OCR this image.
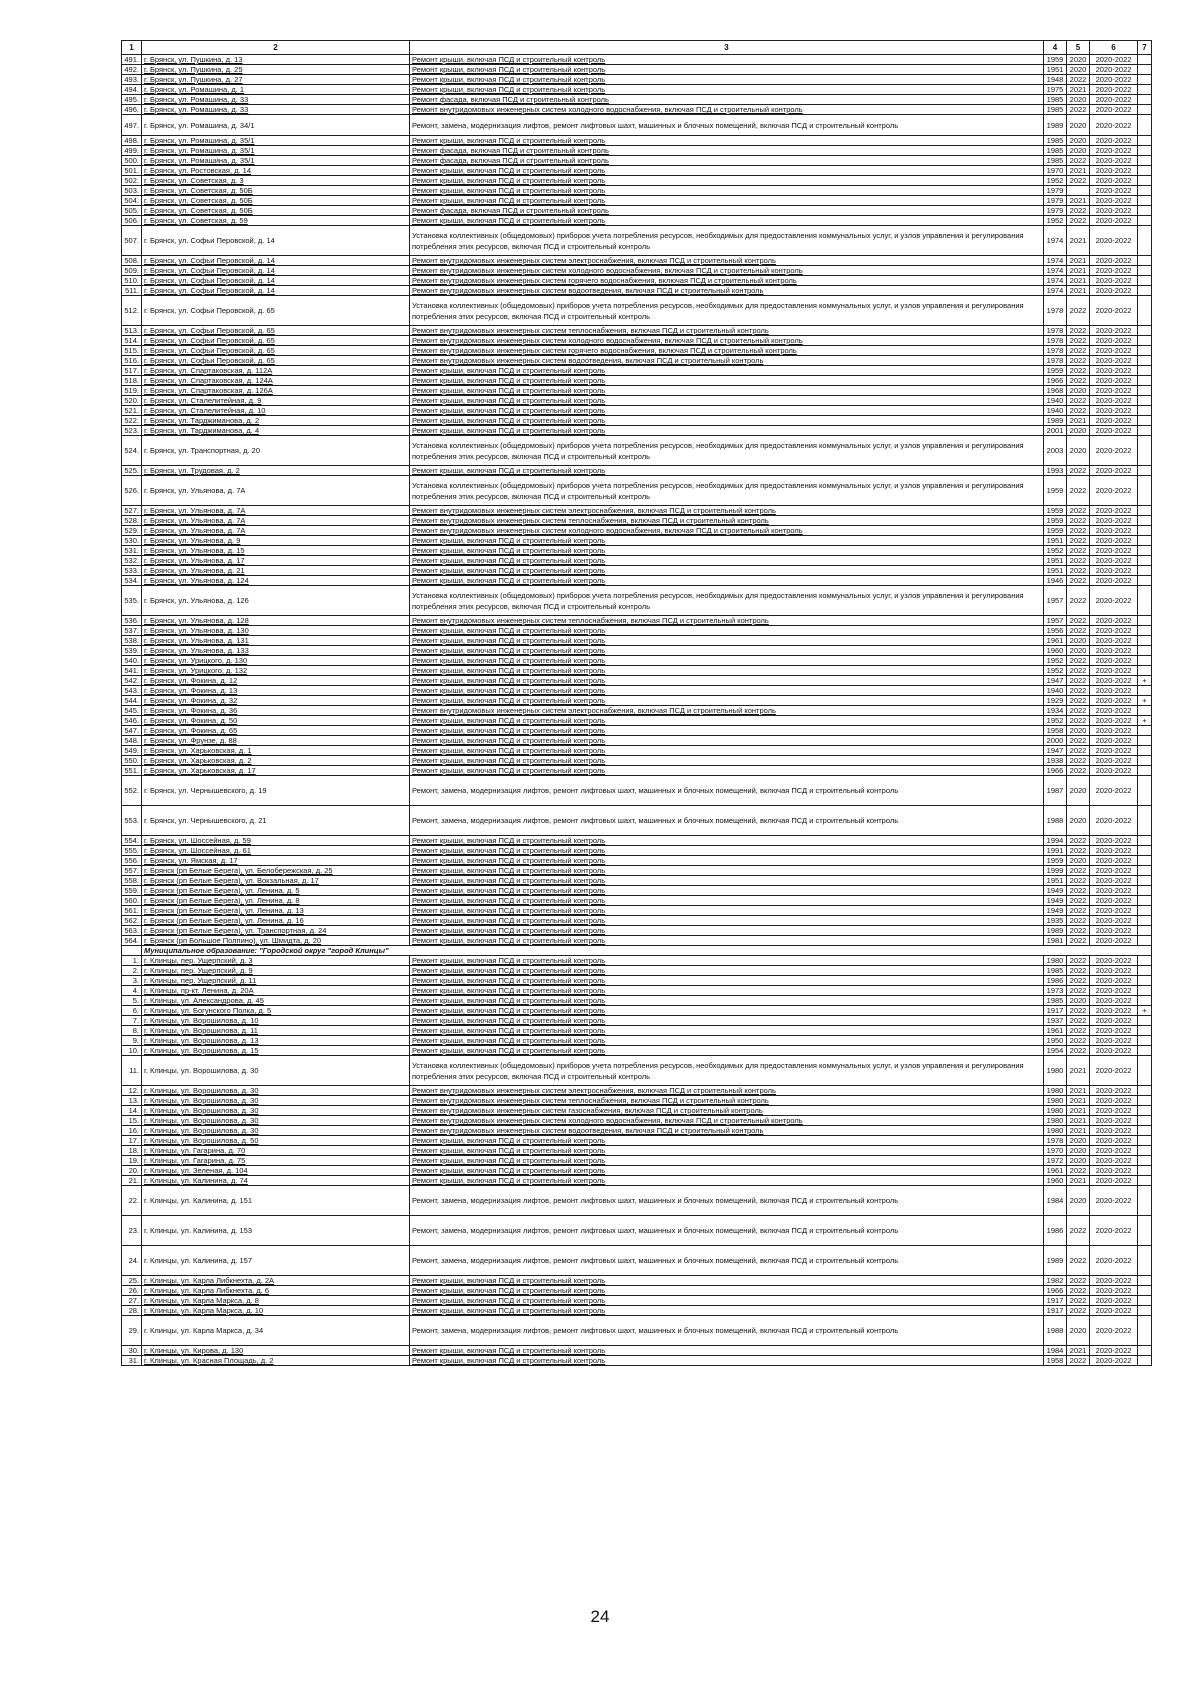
1	2	3	4	5	6	7
491.	г. Брянск, ул. Пушкина, д. 13	Ремонт крыши, включая ПСД и строительный контроль	1959	2020	2020-2022	
492.	г. Брянск, ул. Пушкина, д. 25	Ремонт крыши, включая ПСД и строительный контроль	1951	2020	2020-2022	
493.	г. Брянск, ул. Пушкина, д. 27	Ремонт крыши, включая ПСД и строительный контроль	1948	2022	2020-2022	
494.	г. Брянск, ул. Ромашина, д. 1	Ремонт крыши, включая ПСД и строительный контроль	1975	2021	2020-2022	
495.	г. Брянск, ул. Ромашина, д. 33	Ремонт фасада, включая ПСД и строительный контроль	1985	2020	2020-2022	
496.	г. Брянск, ул. Ромашина, д. 33	Ремонт внутридомовых инженерных систем холодного водоснабжения, включая ПСД и строительный контроль	1985	2022	2020-2022	
497.	г. Брянск, ул. Ромашина, д. 34/1	Ремонт, замена, модернизация лифтов, ремонт лифтовых шахт, машинных и блочных помещений, включая ПСД и строительный контроль	1989	2020	2020-2022	
498.	г. Брянск, ул. Ромашина, д. 35/1	Ремонт крыши, включая ПСД и строительный контроль	1985	2020	2020-2022	
499.	г. Брянск, ул. Ромашина, д. 35/1	Ремонт фасада, включая ПСД и строительный контроль	1985	2020	2020-2022	
500.	г. Брянск, ул. Ромашина, д. 35/1	Ремонт фасада, включая ПСД и строительный контроль	1985	2022	2020-2022	
501.	г. Брянск, ул. Ростовская, д. 14	Ремонт крыши, включая ПСД и строительный контроль	1970	2021	2020-2022	
502.	г. Брянск, ул. Советская, д. 3	Ремонт крыши, включая ПСД и строительный контроль	1952	2022	2020-2022	
503.	г. Брянск, ул. Советская, д. 50Б	Ремонт крыши, включая ПСД и строительный контроль	1979		2020-2022	
504.	г. Брянск, ул. Советская, д. 50Б	Ремонт крыши, включая ПСД и строительный контроль	1979	2021	2020-2022	
505.	г. Брянск, ул. Советская, д. 50Б	Ремонт фасада, включая ПСД и строительный контроль	1979	2022	2020-2022	
506.	г. Брянск, ул. Советская, д. 59	Ремонт крыши, включая ПСД и строительный контроль	1952	2022	2020-2022	
507.	г. Брянск, ул. Софьи Перовской, д. 14	Установка коллективных (общедомовых) приборов учета потребления ресурсов, необходимых для предоставления коммунальных услуг, и узлов управления и регулирования потребления этих ресурсов, включая ПСД и строительный контроль	1974	2021	2020-2022	
508.	г. Брянск, ул. Софьи Перовской, д. 14	Ремонт внутридомовых инженерных систем электроснабжения, включая ПСД и строительный контроль	1974	2021	2020-2022	
509.	г. Брянск, ул. Софьи Перовской, д. 14	Ремонт внутридомовых инженерных систем холодного водоснабжения, включая ПСД и строительный контроль	1974	2021	2020-2022	
510.	г. Брянск, ул. Софьи Перовской, д. 14	Ремонт внутридомовых инженерных систем горячего водоснабжения, включая ПСД и строительный контроль	1974	2021	2020-2022	
511.	г. Брянск, ул. Софьи Перовской, д. 14	Ремонт внутридомовых инженерных систем водоотведения, включая ПСД и строительный контроль	1974	2021	2020-2022	
512.	г. Брянск, ул. Софьи Перовской, д. 65	Установка коллективных (общедомовых) приборов учета потребления ресурсов, необходимых для предоставления коммунальных услуг, и узлов управления и регулирования потребления этих ресурсов, включая ПСД и строительный контроль	1978	2022	2020-2022	
513.	г. Брянск, ул. Софьи Перовской, д. 65	Ремонт внутридомовых инженерных систем теплоснабжения, включая ПСД и строительный контроль	1978	2022	2020-2022	
514.	г. Брянск, ул. Софьи Перовской, д. 65	Ремонт внутридомовых инженерных систем холодного водоснабжения, включая ПСД и строительный контроль	1978	2022	2020-2022	
515.	г. Брянск, ул. Софьи Перовской, д. 65	Ремонт внутридомовых инженерных систем горячего водоснабжения, включая ПСД и строительный контроль	1978	2022	2020-2022	
516.	г. Брянск, ул. Софьи Перовской, д. 65	Ремонт внутридомовых инженерных систем водоотведения, включая ПСД и строительный контроль	1978	2022	2020-2022	
517.	г. Брянск, ул. Спартаковская, д. 112А	Ремонт крыши, включая ПСД и строительный контроль	1959	2022	2020-2022	
518.	г. Брянск, ул. Спартаковская, д. 124А	Ремонт крыши, включая ПСД и строительный контроль	1966	2022	2020-2022	
519.	г. Брянск, ул. Спартаковская, д. 126А	Ремонт крыши, включая ПСД и строительный контроль	1968	2020	2020-2022	
520.	г. Брянск, ул. Сталелитейная, д. 9	Ремонт крыши, включая ПСД и строительный контроль	1940	2022	2020-2022	
521.	г. Брянск, ул. Сталелитейная, д. 10	Ремонт крыши, включая ПСД и строительный контроль	1940	2022	2020-2022	
522.	г. Брянск, ул. Тарджиманова, д. 2	Ремонт крыши, включая ПСД и строительный контроль	1989	2021	2020-2022	
523.	г. Брянск, ул. Тарджиманова, д. 4	Ремонт крыши, включая ПСД и строительный контроль	2001	2020	2020-2022	
524.	г. Брянск, ул. Транспортная, д. 20	Установка коллективных (общедомовых) приборов учета потребления ресурсов, необходимых для предоставления коммунальных услуг, и узлов управления и регулирования потребления этих ресурсов, включая ПСД и строительный контроль	2003	2020	2020-2022	
525.	г. Брянск, ул. Трудовая, д. 2	Ремонт крыши, включая ПСД и строительный контроль	1993	2022	2020-2022	
526.	г. Брянск, ул. Ульянова, д. 7А	Установка коллективных (общедомовых) приборов учета потребления ресурсов, необходимых для предоставления коммунальных услуг, и узлов управления и регулирования потребления этих ресурсов, включая ПСД и строительный контроль	1959	2022	2020-2022	
527.	г. Брянск, ул. Ульянова, д. 7А	Ремонт внутридомовых инженерных систем электроснабжения, включая ПСД и строительный контроль	1959	2022	2020-2022	
528.	г. Брянск, ул. Ульянова, д. 7А	Ремонт внутридомовых инженерных систем теплоснабжения, включая ПСД и строительный контроль	1959	2022	2020-2022	
529.	г. Брянск, ул. Ульянова, д. 7А	Ремонт внутридомовых инженерных систем холодного водоснабжения, включая ПСД и строительный контроль	1959	2022	2020-2022	
530.	г. Брянск, ул. Ульянова, д. 9	Ремонт крыши, включая ПСД и строительный контроль	1951	2022	2020-2022	
531.	г. Брянск, ул. Ульянова, д. 15	Ремонт крыши, включая ПСД и строительный контроль	1952	2022	2020-2022	
532.	г. Брянск, ул. Ульянова, д. 17	Ремонт крыши, включая ПСД и строительный контроль	1951	2022	2020-2022	
533.	г. Брянск, ул. Ульянова, д. 21	Ремонт крыши, включая ПСД и строительный контроль	1951	2022	2020-2022	
534.	г. Брянск, ул. Ульянова, д. 124	Ремонт крыши, включая ПСД и строительный контроль	1946	2022	2020-2022	
535.	г. Брянск, ул. Ульянова, д. 126	Установка коллективных (общедомовых) приборов учета потребления ресурсов, необходимых для предоставления коммунальных услуг, и узлов управления и регулирования потребления этих ресурсов, включая ПСД и строительный контроль	1957	2022	2020-2022	
536.	г. Брянск, ул. Ульянова, д. 128	Ремонт внутридомовых инженерных систем теплоснабжения, включая ПСД и строительный контроль	1957	2022	2020-2022	
537.	г. Брянск, ул. Ульянова, д. 130	Ремонт крыши, включая ПСД и строительный контроль	1956	2022	2020-2022	
538.	г. Брянск, ул. Ульянова, д. 131	Ремонт крыши, включая ПСД и строительный контроль	1961	2020	2020-2022	
539.	г. Брянск, ул. Ульянова, д. 133	Ремонт крыши, включая ПСД и строительный контроль	1960	2020	2020-2022	
540.	г. Брянск, ул. Урицкого, д. 130	Ремонт крыши, включая ПСД и строительный контроль	1952	2022	2020-2022	
541.	г. Брянск, ул. Урицкого, д. 132	Ремонт крыши, включая ПСД и строительный контроль	1952	2022	2020-2022	
542.	г. Брянск, ул. Фокина, д. 12	Ремонт крыши, включая ПСД и строительный контроль	1947	2022	2020-2022	+
543.	г. Брянск, ул. Фокина, д. 13	Ремонт крыши, включая ПСД и строительный контроль	1940	2022	2020-2022	
544.	г. Брянск, ул. Фокина, д. 32	Ремонт крыши, включая ПСД и строительный контроль	1929	2022	2020-2022	+
545.	г. Брянск, ул. Фокина, д. 36	Ремонт внутридомовых инженерных систем электроснабжения, включая ПСД и строительный контроль	1934	2022	2020-2022	
546.	г. Брянск, ул. Фокина, д. 50	Ремонт крыши, включая ПСД и строительный контроль	1952	2022	2020-2022	+
547.	г. Брянск, ул. Фокина, д. 65	Ремонт крыши, включая ПСД и строительный контроль	1958	2020	2020-2022	
548.	г. Брянск, ул. Фрунзе, д. 88	Ремонт крыши, включая ПСД и строительный контроль	2000	2022	2020-2022	
549.	г. Брянск, ул. Харьковская, д. 1	Ремонт крыши, включая ПСД и строительный контроль	1947	2022	2020-2022	
550.	г. Брянск, ул. Харьковская, д. 2	Ремонт крыши, включая ПСД и строительный контроль	1938	2022	2020-2022	
551.	г. Брянск, ул. Харьковская, д. 17	Ремонт крыши, включая ПСД и строительный контроль	1966	2022	2020-2022	
552.	г. Брянск, ул. Чернышевского, д. 19	Ремонт, замена, модернизация лифтов, ремонт лифтовых шахт, машинных и блочных помещений, включая ПСД и строительный контроль	1987	2020	2020-2022	
553.	г. Брянск, ул. Чернышевского, д. 21	Ремонт, замена, модернизация лифтов, ремонт лифтовых шахт, машинных и блочных помещений, включая ПСД и строительный контроль	1988	2020	2020-2022	
554.	г. Брянск, ул. Шоссейная, д. 59	Ремонт крыши, включая ПСД и строительный контроль	1994	2022	2020-2022	
555.	г. Брянск, ул. Шоссейная, д. 61	Ремонт крыши, включая ПСД и строительный контроль	1991	2022	2020-2022	
556.	г. Брянск, ул. Ямская, д. 17	Ремонт крыши, включая ПСД и строительный контроль	1959	2020	2020-2022	
557.	г. Брянск (рп Белые Берега), ул. Белобережская, д. 25	Ремонт крыши, включая ПСД и строительный контроль	1999	2022	2020-2022	
558.	г. Брянск (рп Белые Берега), ул. Вокзальная, д. 17	Ремонт крыши, включая ПСД и строительный контроль	1951	2022	2020-2022	
559.	г. Брянск (рп Белые Берега), ул. Ленина, д. 5	Ремонт крыши, включая ПСД и строительный контроль	1949	2022	2020-2022	
560.	г. Брянск (рп Белые Берега), ул. Ленина, д. 8	Ремонт крыши, включая ПСД и строительный контроль	1949	2022	2020-2022	
561.	г. Брянск (рп Белые Берега), ул. Ленина, д. 13	Ремонт крыши, включая ПСД и строительный контроль	1949	2022	2020-2022	
562.	г. Брянск (рп Белые Берега), ул. Ленина, д. 16	Ремонт крыши, включая ПСД и строительный контроль	1935	2022	2020-2022	
563.	г. Брянск (рп Белые Берега), ул. Транспортная, д. 24	Ремонт крыши, включая ПСД и строительный контроль	1989	2022	2020-2022	
564.	г. Брянск (рп Большое Полпино), ул. Шмидта, д. 20	Ремонт крыши, включая ПСД и строительный контроль	1981	2022	2020-2022	
	Муниципальное образование: "Городской округ "город Клинцы"					
1.	г. Клинцы, пер. Ущерпский, д. 3	Ремонт крыши, включая ПСД и строительный контроль	1980	2022	2020-2022	
2.	г. Клинцы, пер. Ущерпский, д. 9	Ремонт крыши, включая ПСД и строительный контроль	1985	2022	2020-2022	
3.	г. Клинцы, пер. Ущерпский, д. 11	Ремонт крыши, включая ПСД и строительный контроль	1986	2022	2020-2022	
4.	г. Клинцы, пр-кт. Ленина, д. 20А	Ремонт крыши, включая ПСД и строительный контроль	1973	2022	2020-2022	
5.	г. Клинцы, ул. Александрова, д. 45	Ремонт крыши, включая ПСД и строительный контроль	1985	2020	2020-2022	
6.	г. Клинцы, ул. Богунского Полка, д. 5	Ремонт крыши, включая ПСД и строительный контроль	1917	2022	2020-2022	+
7.	г. Клинцы, ул. Ворошилова, д. 10	Ремонт крыши, включая ПСД и строительный контроль	1937	2022	2020-2022	
8.	г. Клинцы, ул. Ворошилова, д. 11	Ремонт крыши, включая ПСД и строительный контроль	1961	2022	2020-2022	
9.	г. Клинцы, ул. Ворошилова, д. 13	Ремонт крыши, включая ПСД и строительный контроль	1950	2022	2020-2022	
10.	г. Клинцы, ул. Ворошилова, д. 15	Ремонт крыши, включая ПСД и строительный контроль	1954	2022	2020-2022	
11.	г. Клинцы, ул. Ворошилова, д. 30	Установка коллективных (общедомовых) приборов учета потребления ресурсов, необходимых для предоставления коммунальных услуг, и узлов управления и регулирования потребления этих ресурсов, включая ПСД и строительный контроль	1980	2021	2020-2022	
12.	г. Клинцы, ул. Ворошилова, д. 30	Ремонт внутридомовых инженерных систем электроснабжения, включая ПСД и строительный контроль	1980	2021	2020-2022	
13.	г. Клинцы, ул. Ворошилова, д. 30	Ремонт внутридомовых инженерных систем теплоснабжения, включая ПСД и строительный контроль	1980	2021	2020-2022	
14.	г. Клинцы, ул. Ворошилова, д. 30	Ремонт внутридомовых инженерных систем газоснабжения, включая ПСД и строительный контроль	1980	2021	2020-2022	
15.	г. Клинцы, ул. Ворошилова, д. 30	Ремонт внутридомовых инженерных систем холодного водоснабжения, включая ПСД и строительный контроль	1980	2021	2020-2022	
16.	г. Клинцы, ул. Ворошилова, д. 30	Ремонт внутридомовых инженерных систем водоотведения, включая ПСД и строительный контроль	1980	2021	2020-2022	
17.	г. Клинцы, ул. Ворошилова, д. 50	Ремонт крыши, включая ПСД и строительный контроль	1978	2020	2020-2022	
18.	г. Клинцы, ул. Гагарина, д. 70	Ремонт крыши, включая ПСД и строительный контроль	1970	2020	2020-2022	
19.	г. Клинцы, ул. Гагарина, д. 75	Ремонт крыши, включая ПСД и строительный контроль	1972	2020	2020-2022	
20.	г. Клинцы, ул. Зеленая, д. 104	Ремонт крыши, включая ПСД и строительный контроль	1961	2022	2020-2022	
21.	г. Клинцы, ул. Калинина, д. 74	Ремонт крыши, включая ПСД и строительный контроль	1960	2021	2020-2022	
22.	г. Клинцы, ул. Калинина, д. 151	Ремонт, замена, модернизация лифтов, ремонт лифтовых шахт, машинных и блочных помещений, включая ПСД и строительный контроль	1984	2020	2020-2022	
23.	г. Клинцы, ул. Калинина, д. 153	Ремонт, замена, модернизация лифтов, ремонт лифтовых шахт, машинных и блочных помещений, включая ПСД и строительный контроль	1986	2022	2020-2022	
24.	г. Клинцы, ул. Калинина, д. 157	Ремонт, замена, модернизация лифтов, ремонт лифтовых шахт, машинных и блочных помещений, включая ПСД и строительный контроль	1989	2022	2020-2022	
25.	г. Клинцы, ул. Карла Либкнехта, д. 2А	Ремонт крыши, включая ПСД и строительный контроль	1982	2022	2020-2022	
26.	г. Клинцы, ул. Карла Либкнехта, д. 6	Ремонт крыши, включая ПСД и строительный контроль	1966	2022	2020-2022	
27.	г. Клинцы, ул. Карла Маркса, д. 8	Ремонт крыши, включая ПСД и строительный контроль	1917	2022	2020-2022	
28.	г. Клинцы, ул. Карла Маркса, д. 10	Ремонт крыши, включая ПСД и строительный контроль	1917	2022	2020-2022	
29.	г. Клинцы, ул. Карла Маркса, д. 34	Ремонт, замена, модернизация лифтов, ремонт лифтовых шахт, машинных и блочных помещений, включая ПСД и строительный контроль	1988	2020	2020-2022	
30.	г. Клинцы, ул. Кирова, д. 130	Ремонт крыши, включая ПСД и строительный контроль	1984	2021	2020-2022	
31.	г. Клинцы, ул. Красная Площадь, д. 2	Ремонт крыши, включая ПСД и строительный контроль	1958	2022	2020-2022	
24
